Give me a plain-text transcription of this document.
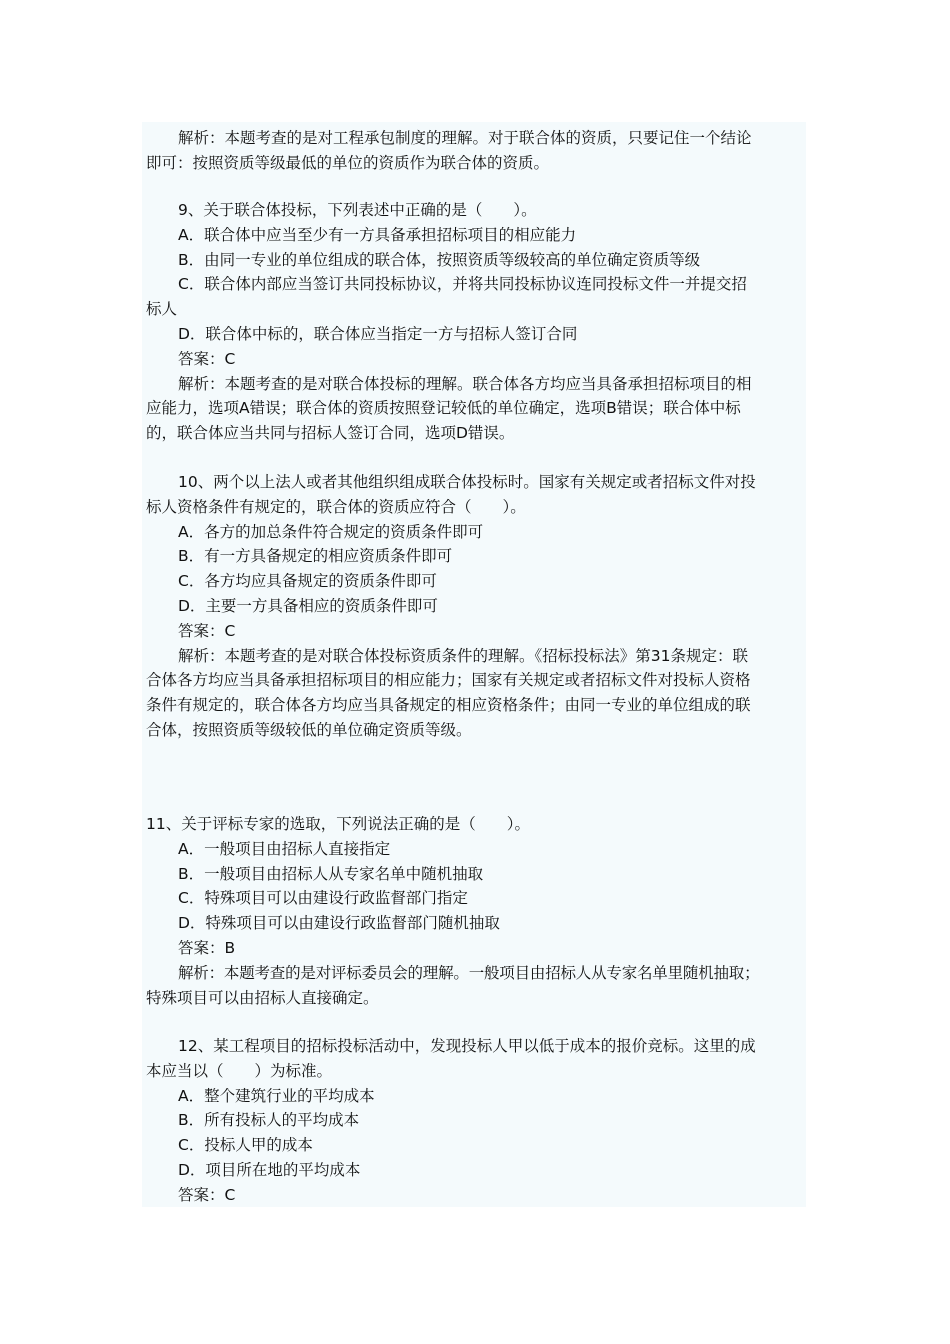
解析：本题考查的是对工程承包制度的理解。对于联合体的资质，只要记住一个结论

即可：按照资质等级最低的单位的资质作为联合体的资质。

9、关于联合体投标，下列表述中正确的是（　　）。

A．联合体中应当至少有一方具备承担招标项目的相应能力

B．由同一专业的单位组成的联合体，按照资质等级较高的单位确定资质等级

C．联合体内部应当签订共同投标协议，并将共同投标协议连同投标文件一并提交招

标人

D．联合体中标的，联合体应当指定一方与招标人签订合同

答案：C

解析：本题考查的是对联合体投标的理解。联合体各方均应当具备承担招标项目的相

应能力，选项A错误；联合体的资质按照登记较低的单位确定，选项B错误；联合体中标

的，联合体应当共同与招标人签订合同，选项D错误。

10、两个以上法人或者其他组织组成联合体投标时。国家有关规定或者招标文件对投

标人资格条件有规定的，联合体的资质应符合（　　）。

A．各方的加总条件符合规定的资质条件即可

B．有一方具备规定的相应资质条件即可

C．各方均应具备规定的资质条件即可

D．主要一方具备相应的资质条件即可

答案：C

解析：本题考查的是对联合体投标资质条件的理解。《招标投标法》第31条规定：联

合体各方均应当具备承担招标项目的相应能力；国家有关规定或者招标文件对投标人资格

条件有规定的，联合体各方均应当具备规定的相应资格条件；由同一专业的单位组成的联

合体，按照资质等级较低的单位确定资质等级。

11、关于评标专家的选取，下列说法正确的是（　　）。

A．一般项目由招标人直接指定

B．一般项目由招标人从专家名单中随机抽取

C．特殊项目可以由建设行政监督部门指定

D．特殊项目可以由建设行政监督部门随机抽取

答案：B

解析：本题考查的是对评标委员会的理解。一般项目由招标人从专家名单里随机抽取；

特殊项目可以由招标人直接确定。

12、某工程项目的招标投标活动中，发现投标人甲以低于成本的报价竞标。这里的成

本应当以（　　）为标准。

A．整个建筑行业的平均成本

B．所有投标人的平均成本

C．投标人甲的成本

D．项目所在地的平均成本

答案：C
